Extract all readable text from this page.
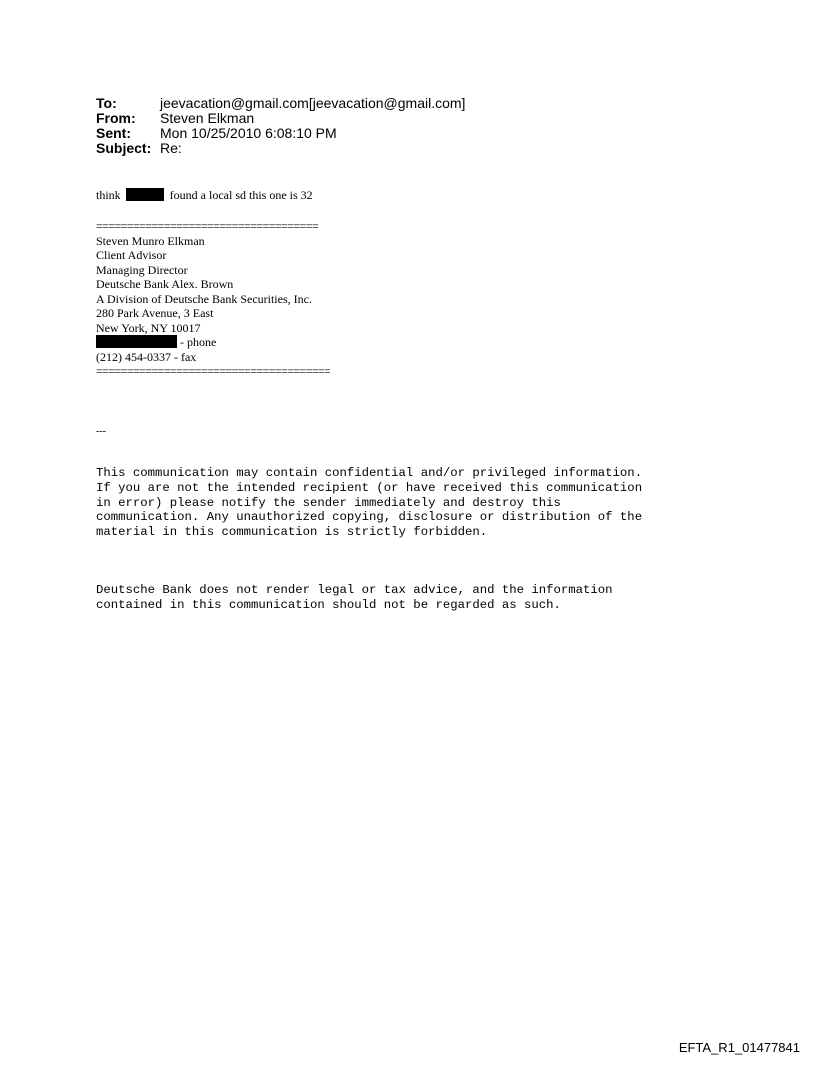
To:	jeevacation@gmail.com[jeevacation@gmail.com]
From:	Steven Elkman
Sent:	Mon 10/25/2010 6:08:10 PM
Subject: Re:
think	found a local sd this one is 32
====================================
Steven Munro Elkman
Client Advisor
Managing Director
Deutsche Bank Alex. Brown
A Division of Deutsche Bank Securities, Inc.
280 Park Avenue, 3 East
New York, NY 10017
- phone
(212) 454-0337 - fax
======================================

---

This communication may contain confidential and/or privileged information.
If you are not the intended recipient (or have received this communication
in error) please notify the sender immediately and destroy this
communication. Any unauthorized copying, disclosure or distribution of the
material in this communication is strictly forbidden.

Deutsche Bank does not render legal or tax advice, and the information
contained in this communication should not be regarded as such.

EFTA_R1_01477841
